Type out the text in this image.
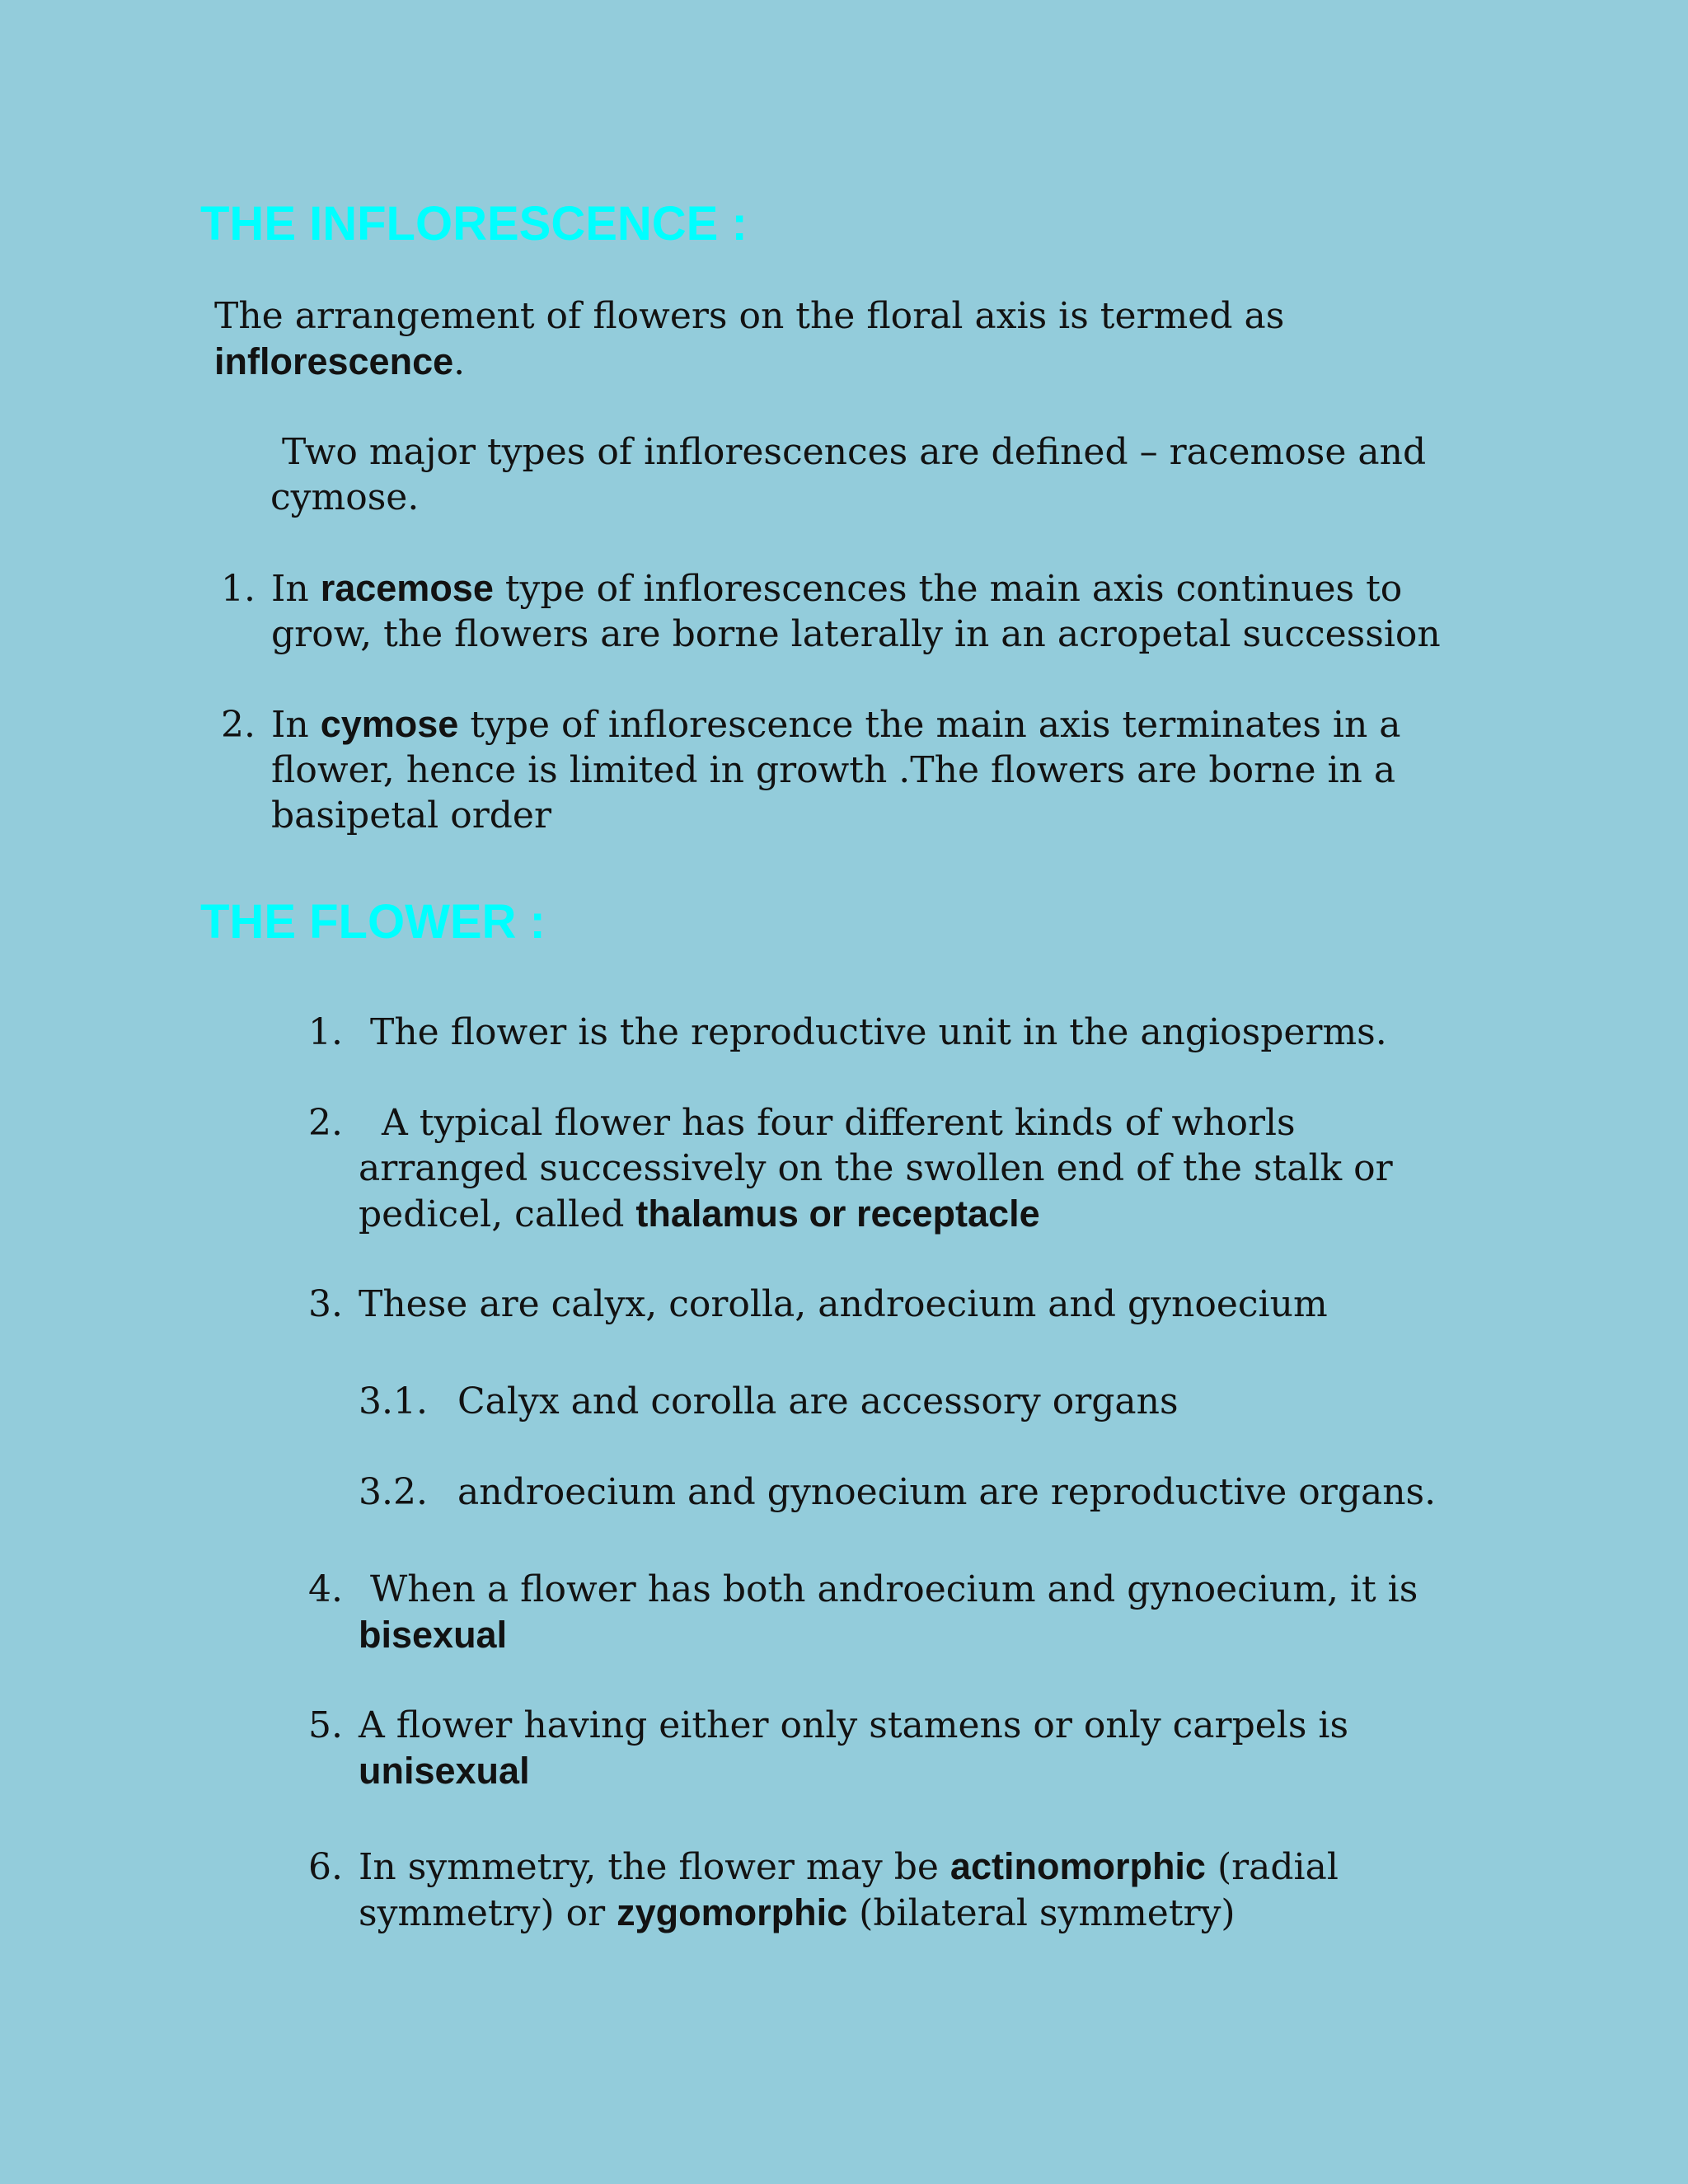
THE INFLORESCENCE :

The arrangement of flowers on the floral axis is termed as
inflorescence.

Two major types of inflorescences are defined – racemose and
cymose.

1. In racemose type of inflorescences the main axis continues to
grow, the flowers are borne laterally in an acropetal succession
2. In cymose type of inflorescence the main axis terminates in a
flower, hence is limited in growth .The flowers are borne in a
basipetal order
THE FLOWER :
1. The flower is the reproductive unit in the angiosperms.
2.  A typical flower has four different kinds of whorls
arranged successively on the swollen end of the stalk or
pedicel, called thalamus or receptacle
3. These are calyx, corolla, androecium and gynoecium
3.1. Calyx and corolla are accessory organs
3.2. androecium and gynoecium are reproductive organs.
4. When a flower has both androecium and gynoecium, it is
bisexual
5. A flower having either only stamens or only carpels is
unisexual
6. In symmetry, the flower may be actinomorphic (radial
symmetry) or zygomorphic (bilateral symmetry)
